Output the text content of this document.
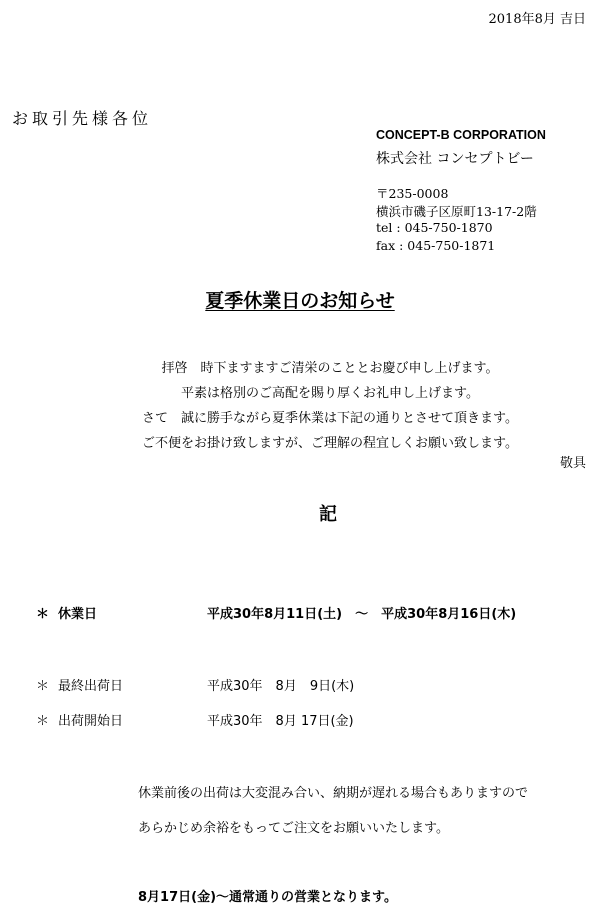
2018年8月 吉日
お取引先様各位
CONCEPT-B CORPORATION
株式会社 コンセプトビー
〒235-0008
横浜市磯子区原町13-17-2階
tel : 045-750-1870
fax : 045-750-1871
夏季休業日のお知らせ
拝啓　時下ますますご清栄のこととお慶び申し上げます。
平素は格別のご高配を賜り厚くお礼申し上げます。
さて　誠に勝手ながら夏季休業は下記の通りとさせて頂きます。
ご不便をお掛け致しますが、ご理解の程宜しくお願い致します。
敬具
記
＊ 休業日	平成30年8月11日(土)　～　平成30年8月16日(木)
＊ 最終出荷日	平成30年　8月　9日(木)
＊ 出荷開始日	平成30年　8月 17日(金)
休業前後の出荷は大変混み合い、納期が遅れる場合もありますので
あらかじめ余裕をもってご注文をお願いいたします。
8月17日(金)～通常通りの営業となります。
